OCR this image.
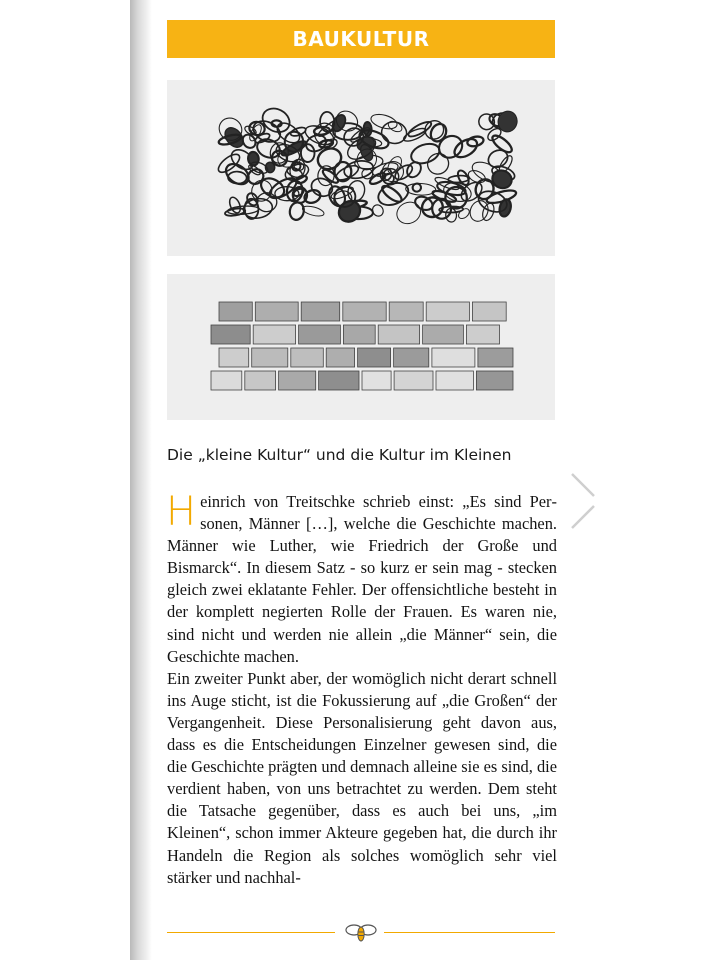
BAUKULTUR
Die „kleine Kultur“ und die Kultur im Kleinen

Heinrich von Treitschke schrieb einst: „Es sind Personen, Männer […], welche die Geschichte machen. Männer wie Luther, wie Friedrich der Große und Bismarck“. In diesem Satz - so kurz er sein mag - stecken gleich zwei eklatante Fehler. Der offensichtliche besteht in der komplett negierten Rolle der Frauen. Es waren nie, sind nicht und werden nie allein „die Männer“ sein, die Geschichte machen.

Ein zweiter Punkt aber, der womöglich nicht derart schnell ins Auge sticht, ist die Fokussierung auf „die Großen“ der Vergangenheit. Diese Personalisierung geht davon aus, dass es die Entscheidungen Einzelner gewesen sind, die die Geschichte prägten und demnach alleine sie es sind, die verdient haben, von uns betrachtet zu werden. Dem steht die Tatsache gegenüber, dass es auch bei uns, „im Kleinen“, schon immer Akteure gegeben hat, die durch ihr Handeln die Region als solches womöglich sehr viel stärker und nachhal-
